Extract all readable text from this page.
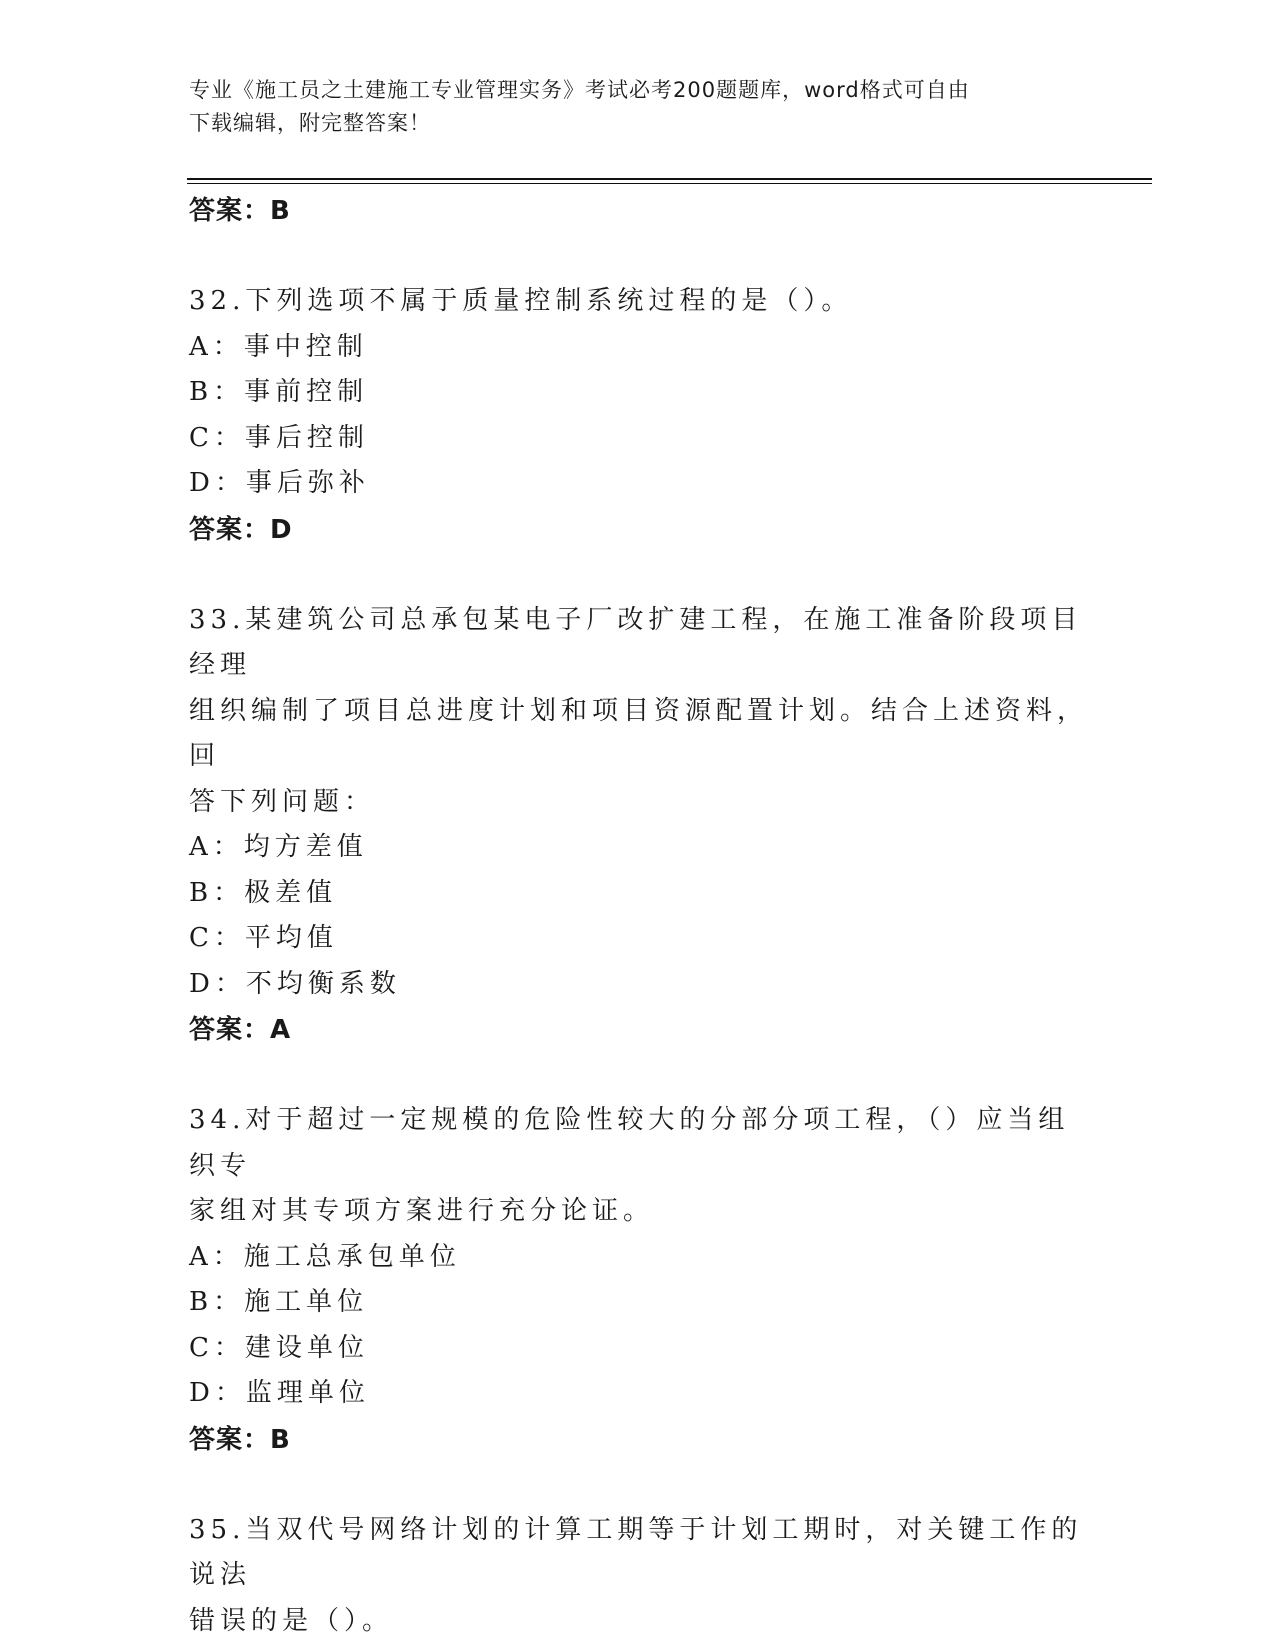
专业《施工员之土建施工专业管理实务》考试必考200题题库，word格式可自由
下载编辑，附完整答案！

答案：B

32.下列选项不属于质量控制系统过程的是（）。

A：事中控制

B：事前控制

C：事后控制

D：事后弥补

答案：D

33.某建筑公司总承包某电子厂改扩建工程，在施工准备阶段项目经理

组织编制了项目总进度计划和项目资源配置计划。结合上述资料，回

答下列问题：

A：均方差值

B：极差值

C：平均值

D：不均衡系数

答案：A

34.对于超过一定规模的危险性较大的分部分项工程，（）应当组织专

家组对其专项方案进行充分论证。

A：施工总承包单位

B：施工单位

C：建设单位

D：监理单位

答案：B

35.当双代号网络计划的计算工期等于计划工期时，对关键工作的说法

错误的是（）。
